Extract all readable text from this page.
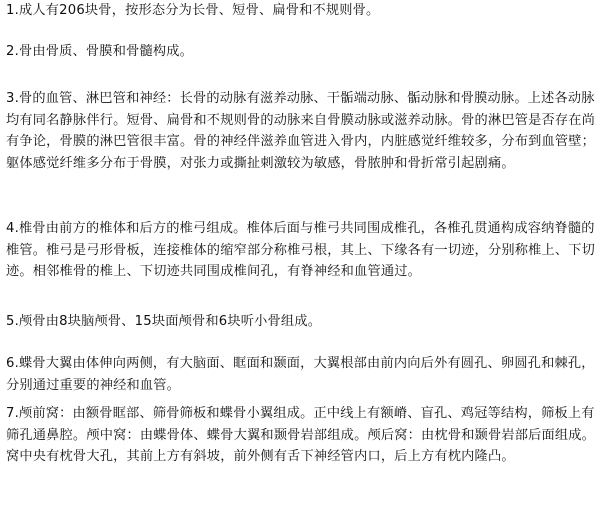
1.成人有206块骨，按形态分为长骨、短骨、扁骨和不规则骨。

2.骨由骨质、骨膜和骨髓构成。

3.骨的血管、淋巴管和神经：长骨的动脉有滋养动脉、干骺端动脉、骺动脉和骨膜动脉。上述各动脉均有同名静脉伴行。短骨、扁骨和不规则骨的动脉来自骨膜动脉或滋养动脉。骨的淋巴管是否存在尚有争论，骨膜的淋巴管很丰富。骨的神经伴滋养血管进入骨内，内脏感觉纤维较多，分布到血管壁；躯体感觉纤维多分布于骨膜，对张力或撕扯刺激较为敏感，骨脓肿和骨折常引起剧痛。

4.椎骨由前方的椎体和后方的椎弓组成。椎体后面与椎弓共同围成椎孔，各椎孔贯通构成容纳脊髓的椎管。椎弓是弓形骨板，连接椎体的缩窄部分称椎弓根，其上、下缘各有一切迹，分别称椎上、下切迹。相邻椎骨的椎上、下切迹共同围成椎间孔，有脊神经和血管通过。

5.颅骨由8块脑颅骨、15块面颅骨和6块听小骨组成。

6.蝶骨大翼由体伸向两侧，有大脑面、眶面和颞面，大翼根部由前内向后外有圆孔、卵圆孔和棘孔，分别通过重要的神经和血管。

7.颅前窝：由额骨眶部、筛骨筛板和蝶骨小翼组成。正中线上有额嵴、盲孔、鸡冠等结构，筛板上有筛孔通鼻腔。颅中窝：由蝶骨体、蝶骨大翼和颞骨岩部组成。颅后窝：由枕骨和颞骨岩部后面组成。窝中央有枕骨大孔，其前上方有斜坡，前外侧有舌下神经管内口，后上方有枕内隆凸。
